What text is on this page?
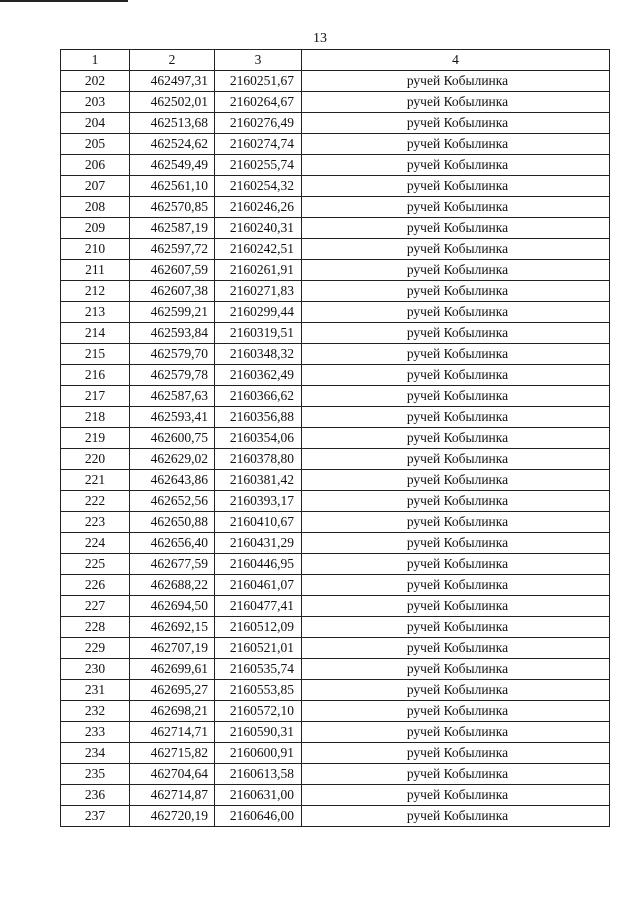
13
1	2	3	4
202	462497,31	2160251,67	ручей Кобылинка
203	462502,01	2160264,67	ручей Кобылинка
204	462513,68	2160276,49	ручей Кобылинка
205	462524,62	2160274,74	ручей Кобылинка
206	462549,49	2160255,74	ручей Кобылинка
207	462561,10	2160254,32	ручей Кобылинка
208	462570,85	2160246,26	ручей Кобылинка
209	462587,19	2160240,31	ручей Кобылинка
210	462597,72	2160242,51	ручей Кобылинка
211	462607,59	2160261,91	ручей Кобылинка
212	462607,38	2160271,83	ручей Кобылинка
213	462599,21	2160299,44	ручей Кобылинка
214	462593,84	2160319,51	ручей Кобылинка
215	462579,70	2160348,32	ручей Кобылинка
216	462579,78	2160362,49	ручей Кобылинка
217	462587,63	2160366,62	ручей Кобылинка
218	462593,41	2160356,88	ручей Кобылинка
219	462600,75	2160354,06	ручей Кобылинка
220	462629,02	2160378,80	ручей Кобылинка
221	462643,86	2160381,42	ручей Кобылинка
222	462652,56	2160393,17	ручей Кобылинка
223	462650,88	2160410,67	ручей Кобылинка
224	462656,40	2160431,29	ручей Кобылинка
225	462677,59	2160446,95	ручей Кобылинка
226	462688,22	2160461,07	ручей Кобылинка
227	462694,50	2160477,41	ручей Кобылинка
228	462692,15	2160512,09	ручей Кобылинка
229	462707,19	2160521,01	ручей Кобылинка
230	462699,61	2160535,74	ручей Кобылинка
231	462695,27	2160553,85	ручей Кобылинка
232	462698,21	2160572,10	ручей Кобылинка
233	462714,71	2160590,31	ручей Кобылинка
234	462715,82	2160600,91	ручей Кобылинка
235	462704,64	2160613,58	ручей Кобылинка
236	462714,87	2160631,00	ручей Кобылинка
237	462720,19	2160646,00	ручей Кобылинка
